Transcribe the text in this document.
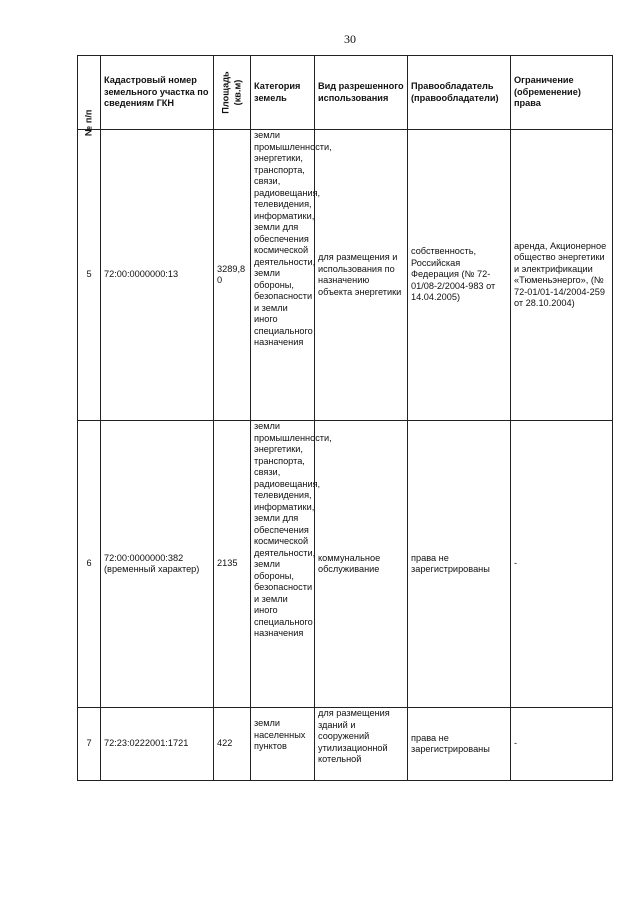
30
№ п/п	Кадастровый номер земельного участка по сведениям ГКН	Площадь (кв.м)	Категория земель	Вид разрешенного использования	Правообладатель (правообладатели)	Ограничение (обременение) права
5	72:00:0000000:13	3289,80	земли промышленности, энергетики, транспорта, связи, радиовещания, телевидения, информатики, земли для обеспечения космической деятельности, земли обороны, безопасности и земли иного специального назначения	для размещения и использования по назначению объекта энергетики	собственность, Российская Федерация (№ 72-01/08-2/2004-983 от 14.04.2005)	аренда, Акционерное общество энергетики и электрификации «Тюменьэнерго», (№ 72-01/01-14/2004-259 от 28.10.2004)
6	72:00:0000000:382 (временный характер)	2135	земли промышленности, энергетики, транспорта, связи, радиовещания, телевидения, информатики, земли для обеспечения космической деятельности, земли обороны, безопасности и земли иного специального назначения	коммунальное обслуживание	права не зарегистрированы	-
7	72:23:0222001:1721	422	земли населенных пунктов	для размещения зданий и сооружений утилизационной котельной	права не зарегистрированы	-
